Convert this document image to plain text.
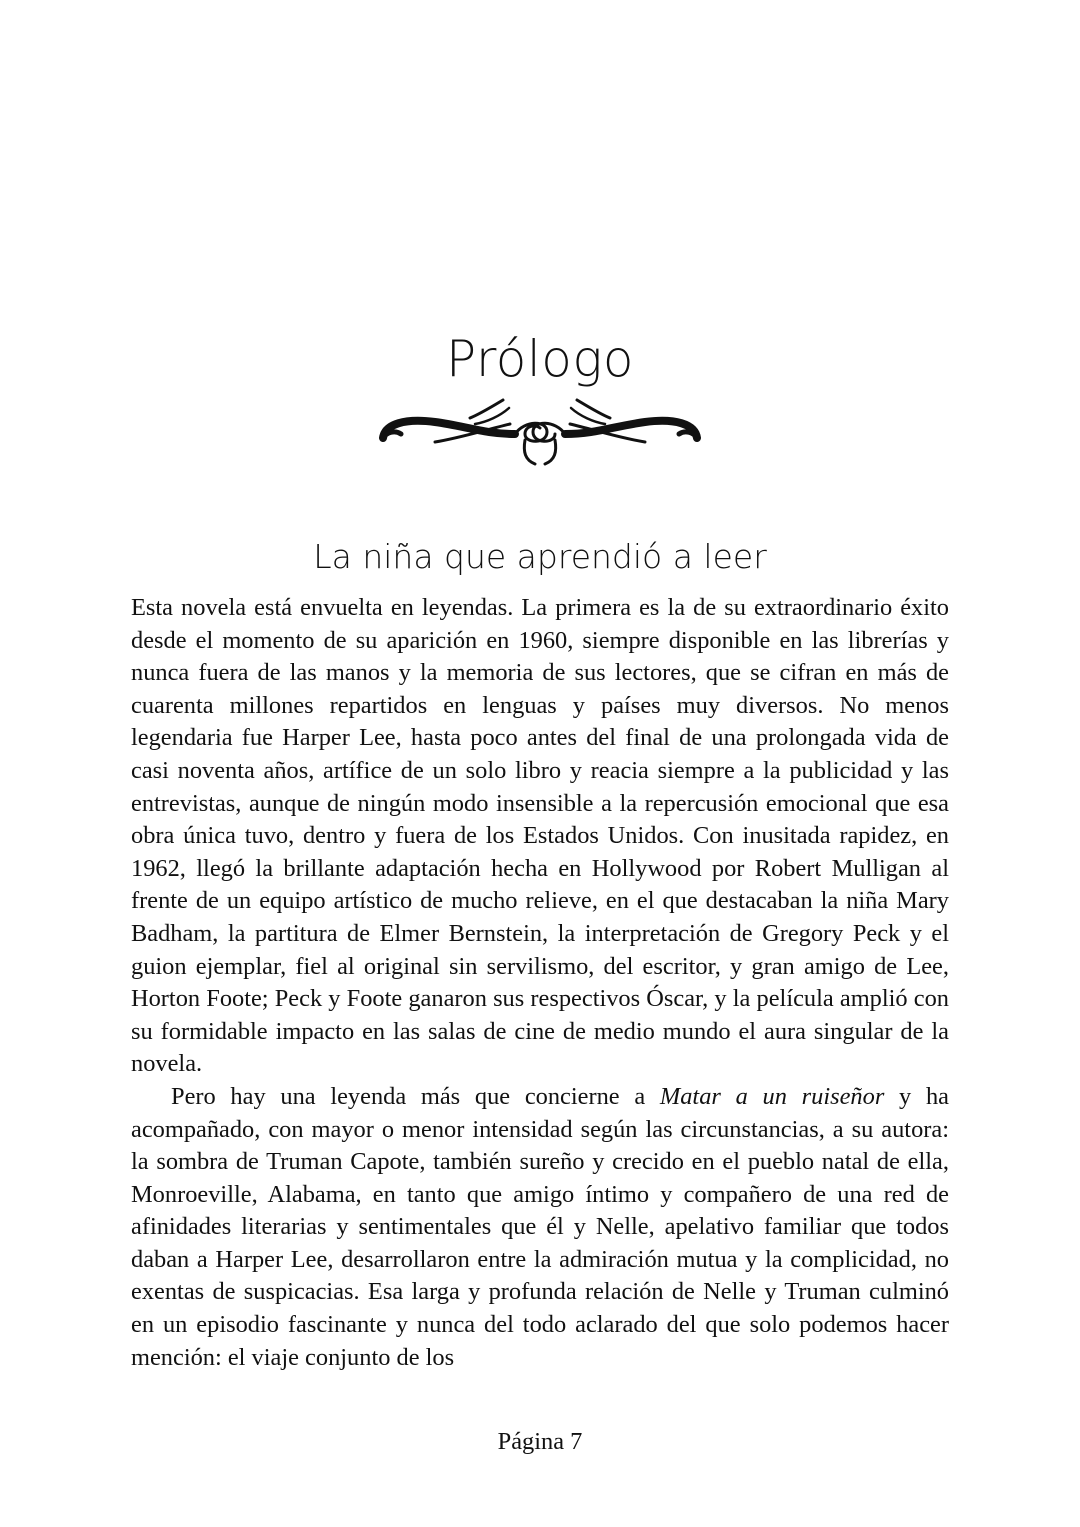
Prólogo
La niña que aprendió a leer

Esta novela está envuelta en leyendas. La primera es la de su extraordinario éxito desde el momento de su aparición en 1960, siempre disponible en las librerías y nunca fuera de las manos y la memoria de sus lectores, que se cifran en más de cuarenta millones repartidos en lenguas y países muy diversos. No menos legendaria fue Harper Lee, hasta poco antes del final de una prolongada vida de casi noventa años, artífice de un solo libro y reacia siempre a la publicidad y las entrevistas, aunque de ningún modo insensible a la repercusión emocional que esa obra única tuvo, dentro y fuera de los Estados Unidos. Con inusitada rapidez, en 1962, llegó la brillante adaptación hecha en Hollywood por Robert Mulligan al frente de un equipo artístico de mucho relieve, en el que destacaban la niña Mary Badham, la partitura de Elmer Bernstein, la interpretación de Gregory Peck y el guion ejemplar, fiel al original sin servilismo, del escritor, y gran amigo de Lee, Horton Foote; Peck y Foote ganaron sus respectivos Óscar, y la película amplió con su formidable impacto en las salas de cine de medio mundo el aura singular de la novela.

Pero hay una leyenda más que concierne a Matar a un ruiseñor y ha acompañado, con mayor o menor intensidad según las circunstancias, a su autora: la sombra de Truman Capote, también sureño y crecido en el pueblo natal de ella, Monroeville, Alabama, en tanto que amigo íntimo y compañero de una red de afinidades literarias y sentimentales que él y Nelle, apelativo familiar que todos daban a Harper Lee, desarrollaron entre la admiración mutua y la complicidad, no exentas de suspicacias. Esa larga y profunda relación de Nelle y Truman culminó en un episodio fascinante y nunca del todo aclarado del que solo podemos hacer mención: el viaje conjunto de los

Página 7
